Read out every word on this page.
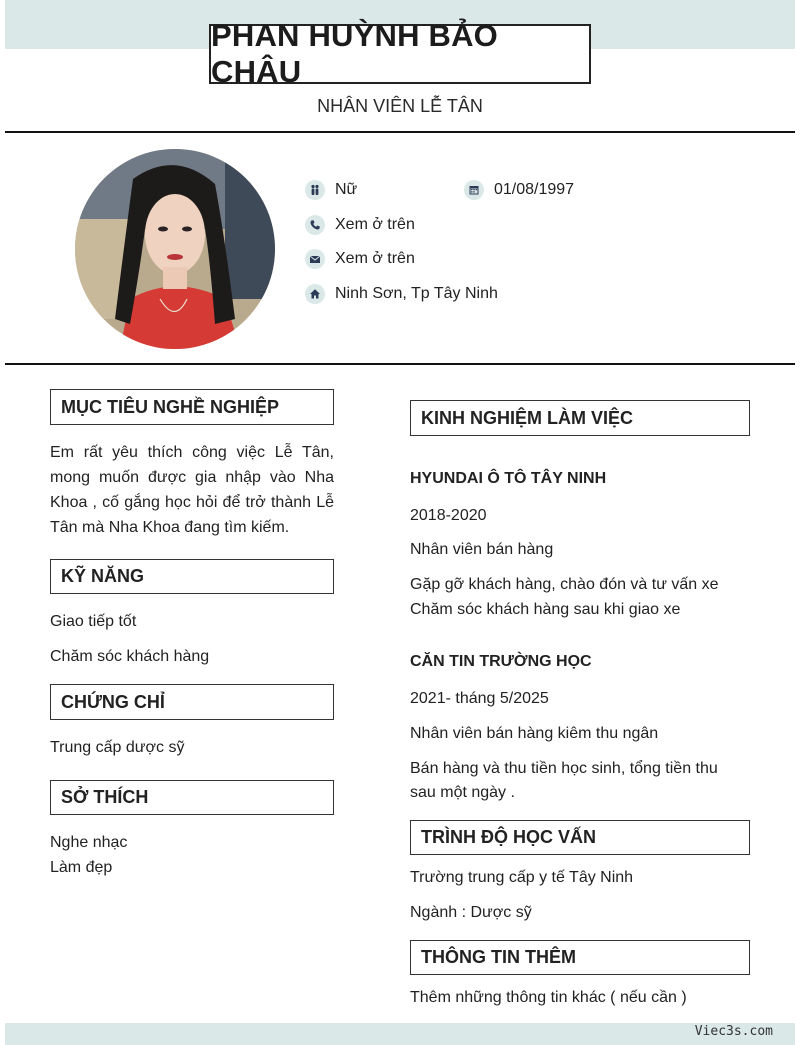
PHAN HUỲNH BẢO CHÂU
NHÂN VIÊN LỄ TÂN
Nữ	01/08/1997
Xem ở trên
Xem ở trên
Ninh Sơn, Tp Tây Ninh
MỤC TIÊU NGHỀ NGHIỆP
Em rất yêu thích công việc Lễ Tân, mong muốn được gia nhập vào Nha Khoa , cố gắng học hỏi để trở thành Lễ Tân mà Nha Khoa đang tìm kiếm.
KỸ NĂNG
Giao tiếp tốt
Chăm sóc khách hàng
CHỨNG CHỈ
Trung cấp dược sỹ
SỞ THÍCH
Nghe nhạc
Làm đẹp
KINH NGHIỆM LÀM VIỆC
HYUNDAI Ô TÔ TÂY NINH
2018-2020
Nhân viên bán hàng
Gặp gỡ khách hàng, chào đón và tư vấn xe
Chăm sóc khách hàng sau khi giao xe
CĂN TIN TRƯỜNG HỌC
2021- tháng 5/2025
Nhân viên bán hàng kiêm thu ngân
Bán hàng và thu tiền học sinh, tổng tiền thu
sau một ngày .
TRÌNH ĐỘ HỌC VẤN
Trường trung cấp y tế Tây Ninh
Ngành : Dược sỹ
THÔNG TIN THÊM
Thêm những thông tin khác ( nếu cần )
Viec3s.com
